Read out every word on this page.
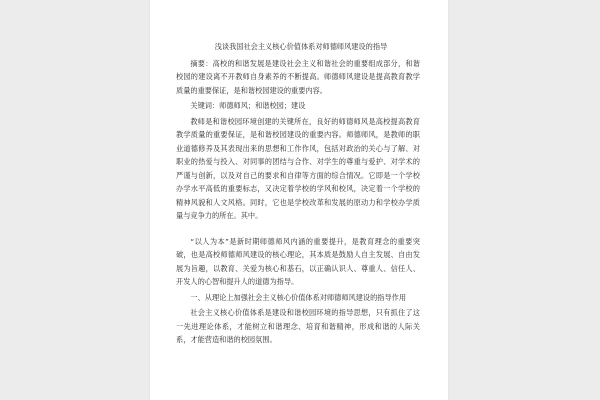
浅谈我国社会主义核心价值体系对师德师风建设的指导

摘要：高校的和谐发展是建设社会主义和谐社会的重要组成部分，和谐校园的建设离不开教师自身素养的不断提高。师德师风建设是提高教育教学质量的重要保证，是和谐校园建设的重要内容。

关键词：师德师风；和谐校园；建设

教师是和谐校园环境创建的关键所在，良好的师德师风是高校提高教育教学质量的重要保证，是和谐校园建设的重要内容。师德师风，是教师的职业道德修养及其表现出来的思想和工作作风，包括对政治的关心与了解、对职业的热爱与投入、对同事的团结与合作、对学生的尊重与爱护、对学术的严谨与创新，以及对自己的要求和自律等方面的综合情况。它即是一个学校办学水平高低的重要标志，又决定着学校的学风和校风，决定着一个学校的精神风貌和人文风格。同时，它也是学校改革和发展的原动力和学校办学质量与竞争力的所在。其中。

“以人为本”是新时期师德师风内涵的重要提升，是教育理念的重要突破，也是高校师德师风建设的核心理论，其本质是鼓励人自主发展、自由发展为旨趣，以教育、关爱为核心和基石，以正确认识人、尊重人、信任人、开发人的心智和提升人的道德为指导。

一、从理论上加强社会主义核心价值体系对师德师风建设的指导作用

社会主义核心价值体系是建设和谐校园环境的指导思想，只有抓住了这一先进理论体系，才能树立和谐理念、培育和谐精神，形成和谐的人际关系，才能营造和谐的校园氛围。
